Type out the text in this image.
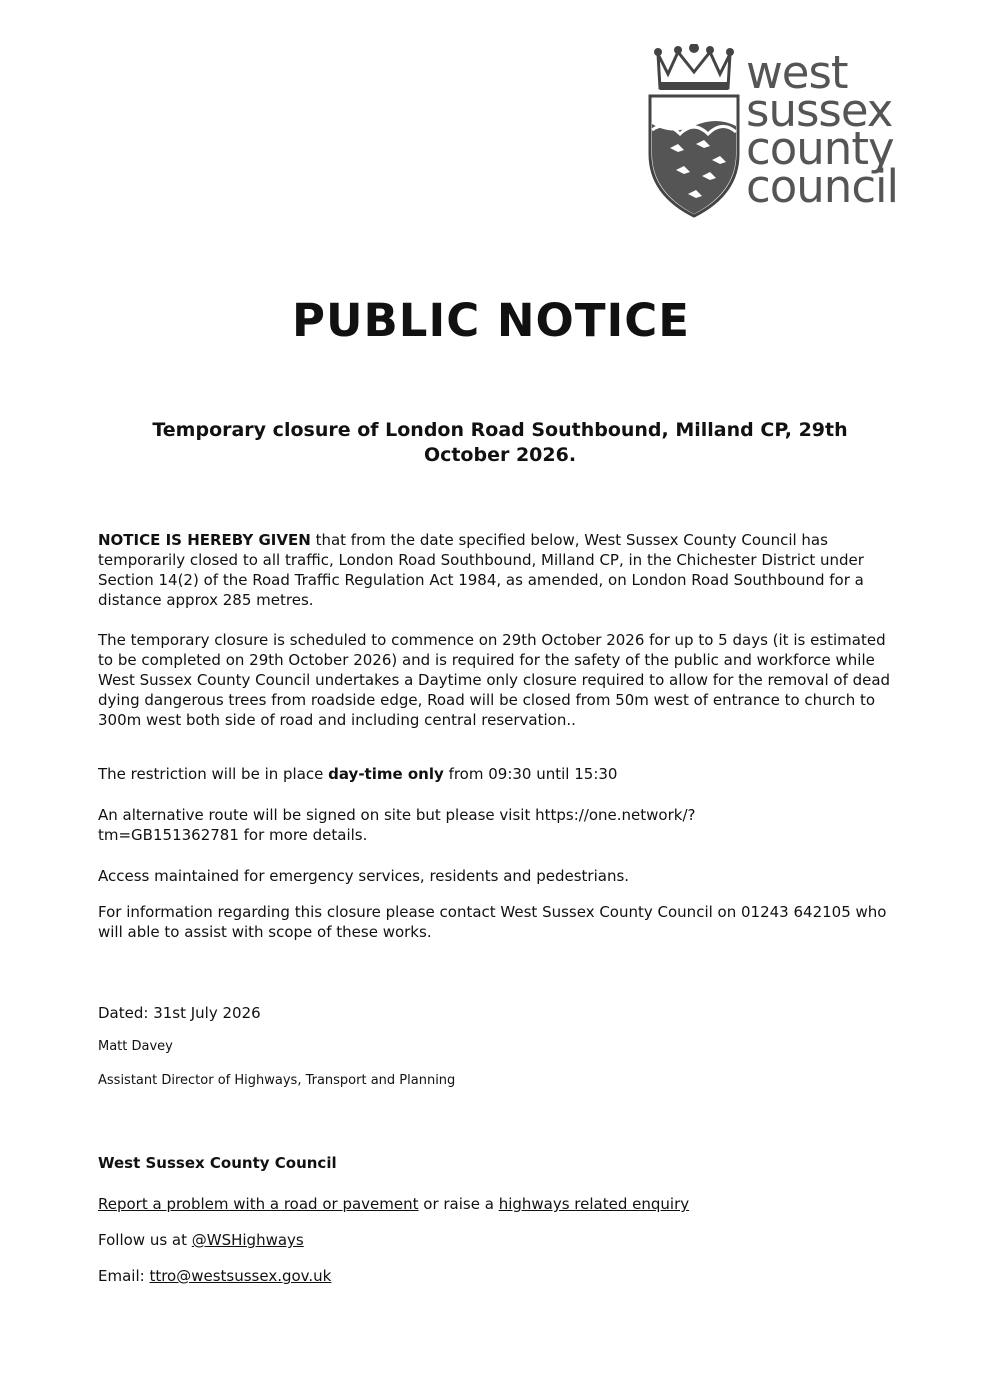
west
sussex
county
council
PUBLIC NOTICE
Temporary closure of London Road Southbound, Milland CP, 29th October 2026.

NOTICE IS HEREBY GIVEN that from the date specified below, West Sussex County Council has temporarily closed to all traffic, London Road Southbound, Milland CP, in the Chichester District under Section 14(2) of the Road Traffic Regulation Act 1984, as amended, on London Road Southbound for a distance approx 285 metres.

The temporary closure is scheduled to commence on 29th October 2026 for up to 5 days (it is estimated to be completed on 29th October 2026) and is required for the safety of the public and workforce while West Sussex County Council undertakes a Daytime only closure required to allow for the removal of dead dying dangerous trees from roadside edge, Road will be closed from 50m west of entrance to church to 300m west both side of road and including central reservation..

The restriction will be in place day-time only from 09:30 until 15:30

An alternative route will be signed on site but please visit https://one.network/?tm=GB151362781 for more details.

Access maintained for emergency services, residents and pedestrians.

For information regarding this closure please contact West Sussex County Council on 01243 642105 who will able to assist with scope of these works.

Dated: 31st July 2026

Matt Davey
Assistant Director of Highways, Transport and Planning

West Sussex County Council

Report a problem with a road or pavement or raise a highways related enquiry

Follow us at @WSHighways

Email: ttro@westsussex.gov.uk
